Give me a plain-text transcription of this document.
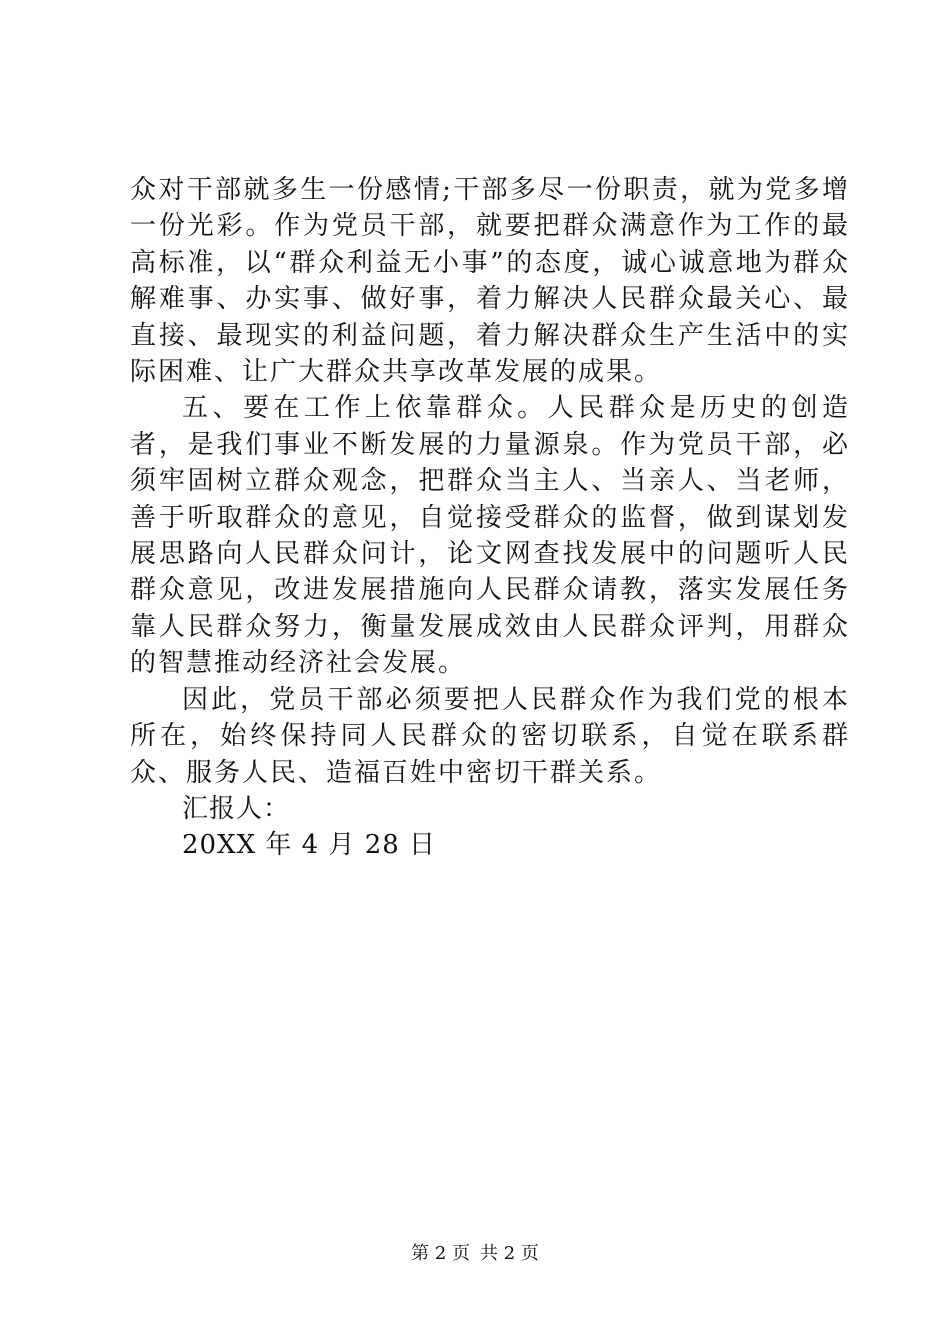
众对干部就多生一份感情;干部多尽一份职责，就为党多增一份光彩。作为党员干部，就要把群众满意作为工作的最高标准，以“群众利益无小事”的态度，诚心诚意地为群众解难事、办实事、做好事，着力解决人民群众最关心、最直接、最现实的利益问题，着力解决群众生产生活中的实际困难、让广大群众共享改革发展的成果。

五、要在工作上依靠群众。人民群众是历史的创造者，是我们事业不断发展的力量源泉。作为党员干部，必须牢固树立群众观念，把群众当主人、当亲人、当老师，善于听取群众的意见，自觉接受群众的监督，做到谋划发展思路向人民群众问计，论文网查找发展中的问题听人民群众意见，改进发展措施向人民群众请教，落实发展任务靠人民群众努力，衡量发展成效由人民群众评判，用群众的智慧推动经济社会发展。

因此，党员干部必须要把人民群众作为我们党的根本所在，始终保持同人民群众的密切联系，自觉在联系群众、服务人民、造福百姓中密切干群关系。

汇报人：

20XX 年 4 月 28 日

第 2 页 共 2 页
